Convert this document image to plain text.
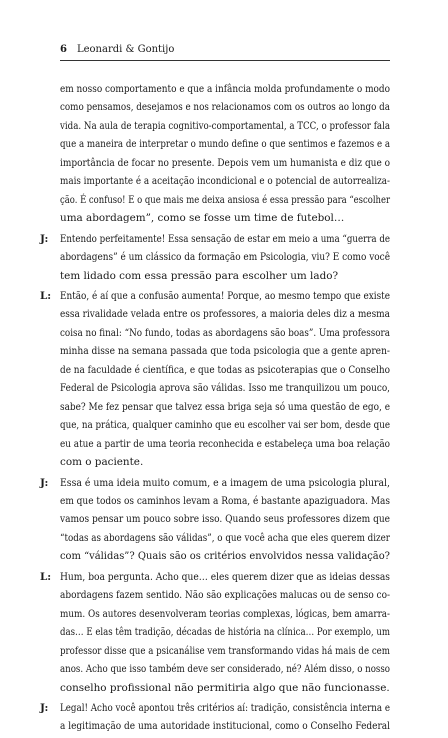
6 Leonardi & Gontijo
em nosso comportamento e que a infância molda profundamente o modo
como pensamos, desejamos e nos relacionamos com os outros ao longo da
vida. Na aula de terapia cognitivo-comportamental, a TCC, o professor fala
que a maneira de interpretar o mundo define o que sentimos e fazemos e a
importância de focar no presente. Depois vem um humanista e diz que o
mais importante é a aceitação incondicional e o potencial de autorrealiza-
ção. É confuso! E o que mais me deixa ansiosa é essa pressão para “escolher
uma abordagem”, como se fosse um time de futebol…
J:	Entendo perfeitamente! Essa sensação de estar em meio a uma “guerra de
abordagens” é um clássico da formação em Psicologia, viu? E como você
tem lidado com essa pressão para escolher um lado?
L: Então, é aí que a confusão aumenta! Porque, ao mesmo tempo que existe
essa rivalidade velada entre os professores, a maioria deles diz a mesma
coisa no final: “No fundo, todas as abordagens são boas”. Uma professora
minha disse na semana passada que toda psicologia que a gente apren-
de na faculdade é científica, e que todas as psicoterapias que o Conselho
Federal de Psicologia aprova são válidas. Isso me tranquilizou um pouco,
sabe? Me fez pensar que talvez essa briga seja só uma questão de ego, e
que, na prática, qualquer caminho que eu escolher vai ser bom, desde que
eu atue a partir de uma teoria reconhecida e estabeleça uma boa relação
com o paciente.
J:	Essa é uma ideia muito comum, e a imagem de uma psicologia plural,
em que todos os caminhos levam a Roma, é bastante apaziguadora. Mas
vamos pensar um pouco sobre isso. Quando seus professores dizem que
“todas as abordagens são válidas”, o que você acha que eles querem dizer
com “válidas”? Quais são os critérios envolvidos nessa validação?
L: Hum, boa pergunta. Acho que… eles querem dizer que as ideias dessas
abordagens fazem sentido. Não são explicações malucas ou de senso co-
mum. Os autores desenvolveram teorias complexas, lógicas, bem amarra-
das… E elas têm tradição, décadas de história na clínica… Por exemplo, um
professor disse que a psicanálise vem transformando vidas há mais de cem
anos. Acho que isso também deve ser considerado, né? Além disso, o nosso
conselho profissional não permitiria algo que não funcionasse.
J:	Legal! Acho você apontou três critérios aí: tradição, consistência interna e
a legitimação de uma autoridade institucional, como o Conselho Federal
